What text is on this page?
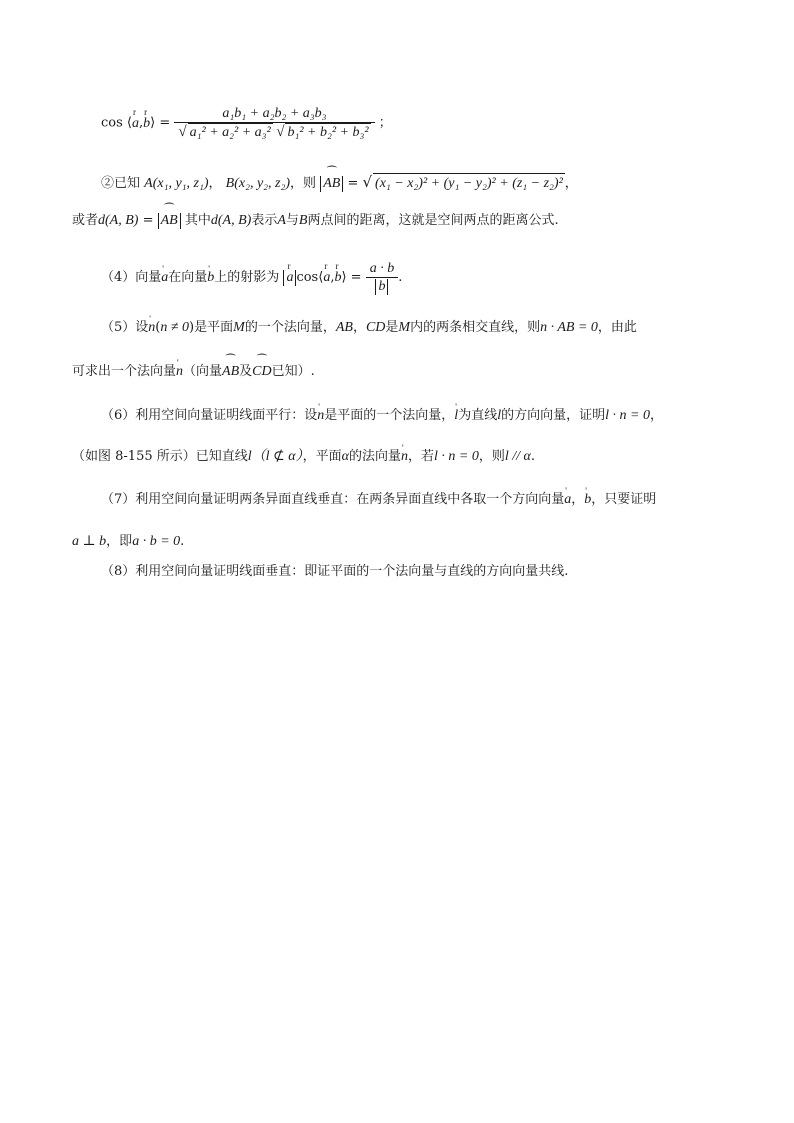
cos ⟨r a,r b⟩ = $\frac{\text{a₁b₁ + a₂b₂ + a₃b₃}}{\text{√ a₁² + a₂² + a₃² √ b₁² + b₂² + b₃²}}$ ；
②已知 A(x₁, y₁, z₁)， B(x₂, y₂, z₂)，则 ⁀ AB = √ (x₁ − x₂)² + (y₁ − y₂)² + (z₁ − z₂)² ，
或者d(A, B) = ⁀ AB 其中d(A, B)表示A与B两点间的距离，这就是空间两点的距离公式.
（4）向量' a在向量' b上的射影为 r a cos⟨r a,r b⟩ = $\frac{a \cdot b}{b}$ .
（5）设' n(n ≠ 0)是平面M的一个法向量，AB，CD是M内的两条相交直线，则n · AB = 0，由此
可求出一个法向量' n（向量⁀ AB及⁀ CD已知）.
（6）利用空间向量证明线面平行：设' n是平面的一个法向量，' l为直线l的方向向量，证明l · n = 0，
（如图 8-155 所示）已知直线l（l ⊄ α），平面α的法向量' n，若l · n = 0，则l // α.
（7）利用空间向量证明两条异面直线垂直：在两条异面直线中各取一个方向向量' a，' b，只要证明
a ⊥ b，即a · b = 0.
（8）利用空间向量证明线面垂直：即证平面的一个法向量与直线的方向向量共线.
